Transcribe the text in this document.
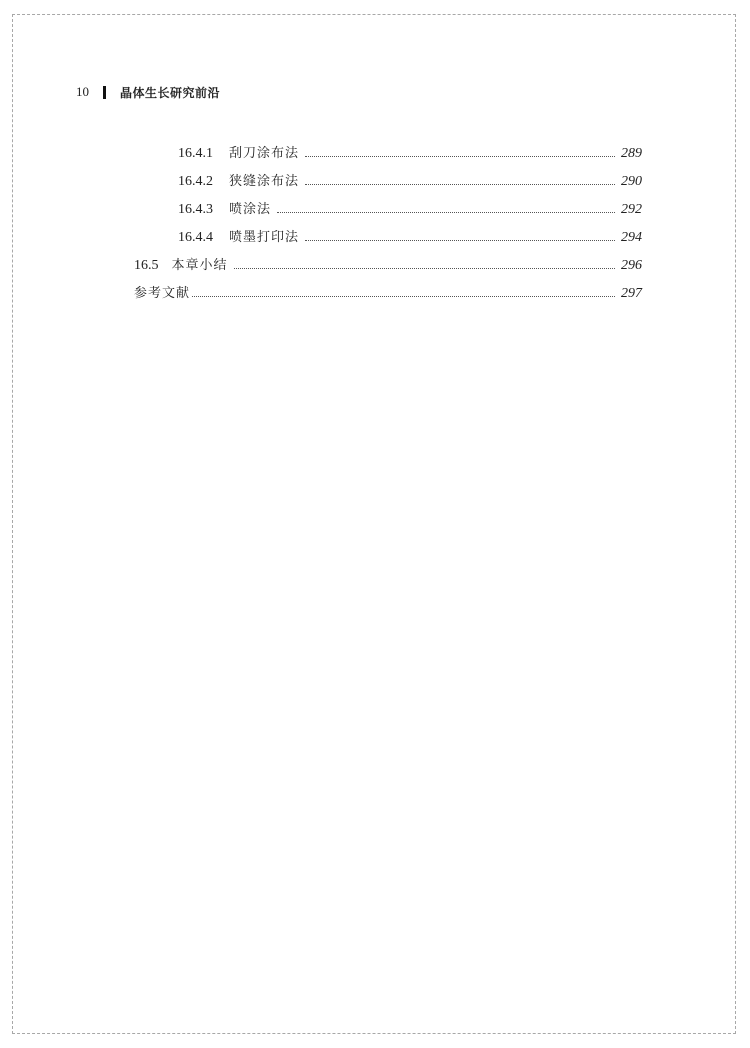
10	晶体生长研究前沿
16.4.1 刮刀涂布法	289
16.4.2 狭缝涂布法	290
16.4.3 喷涂法	292
16.4.4 喷墨打印法	294
16.5 本章小结	296
参考文献	297
